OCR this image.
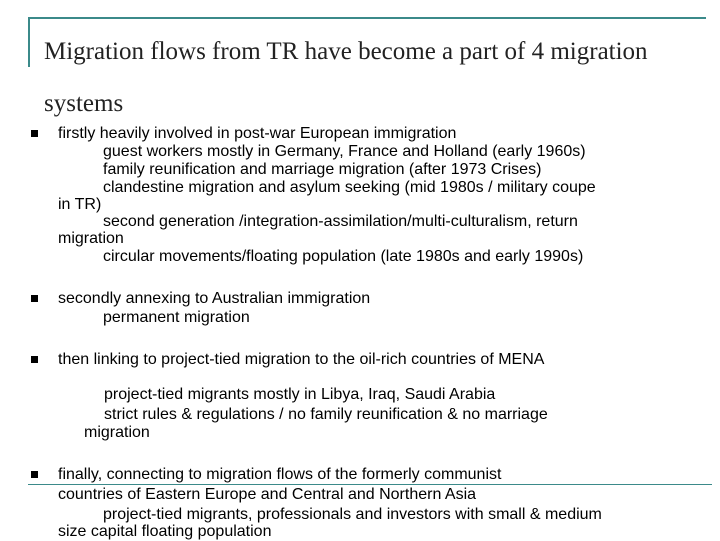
Migration flows from TR have become a part of 4 migration systems
firstly heavily involved in post-war European immigration
guest workers mostly in Germany, France and Holland (early 1960s)
family reunification and marriage migration (after 1973 Crises)
clandestine migration and asylum seeking (mid 1980s / military coupe
in TR)
second generation /integration-assimilation/multi-culturalism, return
migration
circular movements/floating population (late 1980s and early 1990s)
secondly annexing to Australian immigration
permanent migration
then linking to project-tied migration to the oil-rich countries of MENA
project-tied migrants mostly in Libya, Iraq, Saudi Arabia
strict rules & regulations / no family reunification & no marriage
migration
finally, connecting to migration flows of the formerly communist
countries of Eastern Europe and Central and Northern Asia
project-tied migrants, professionals and investors with small & medium
size capital floating population
